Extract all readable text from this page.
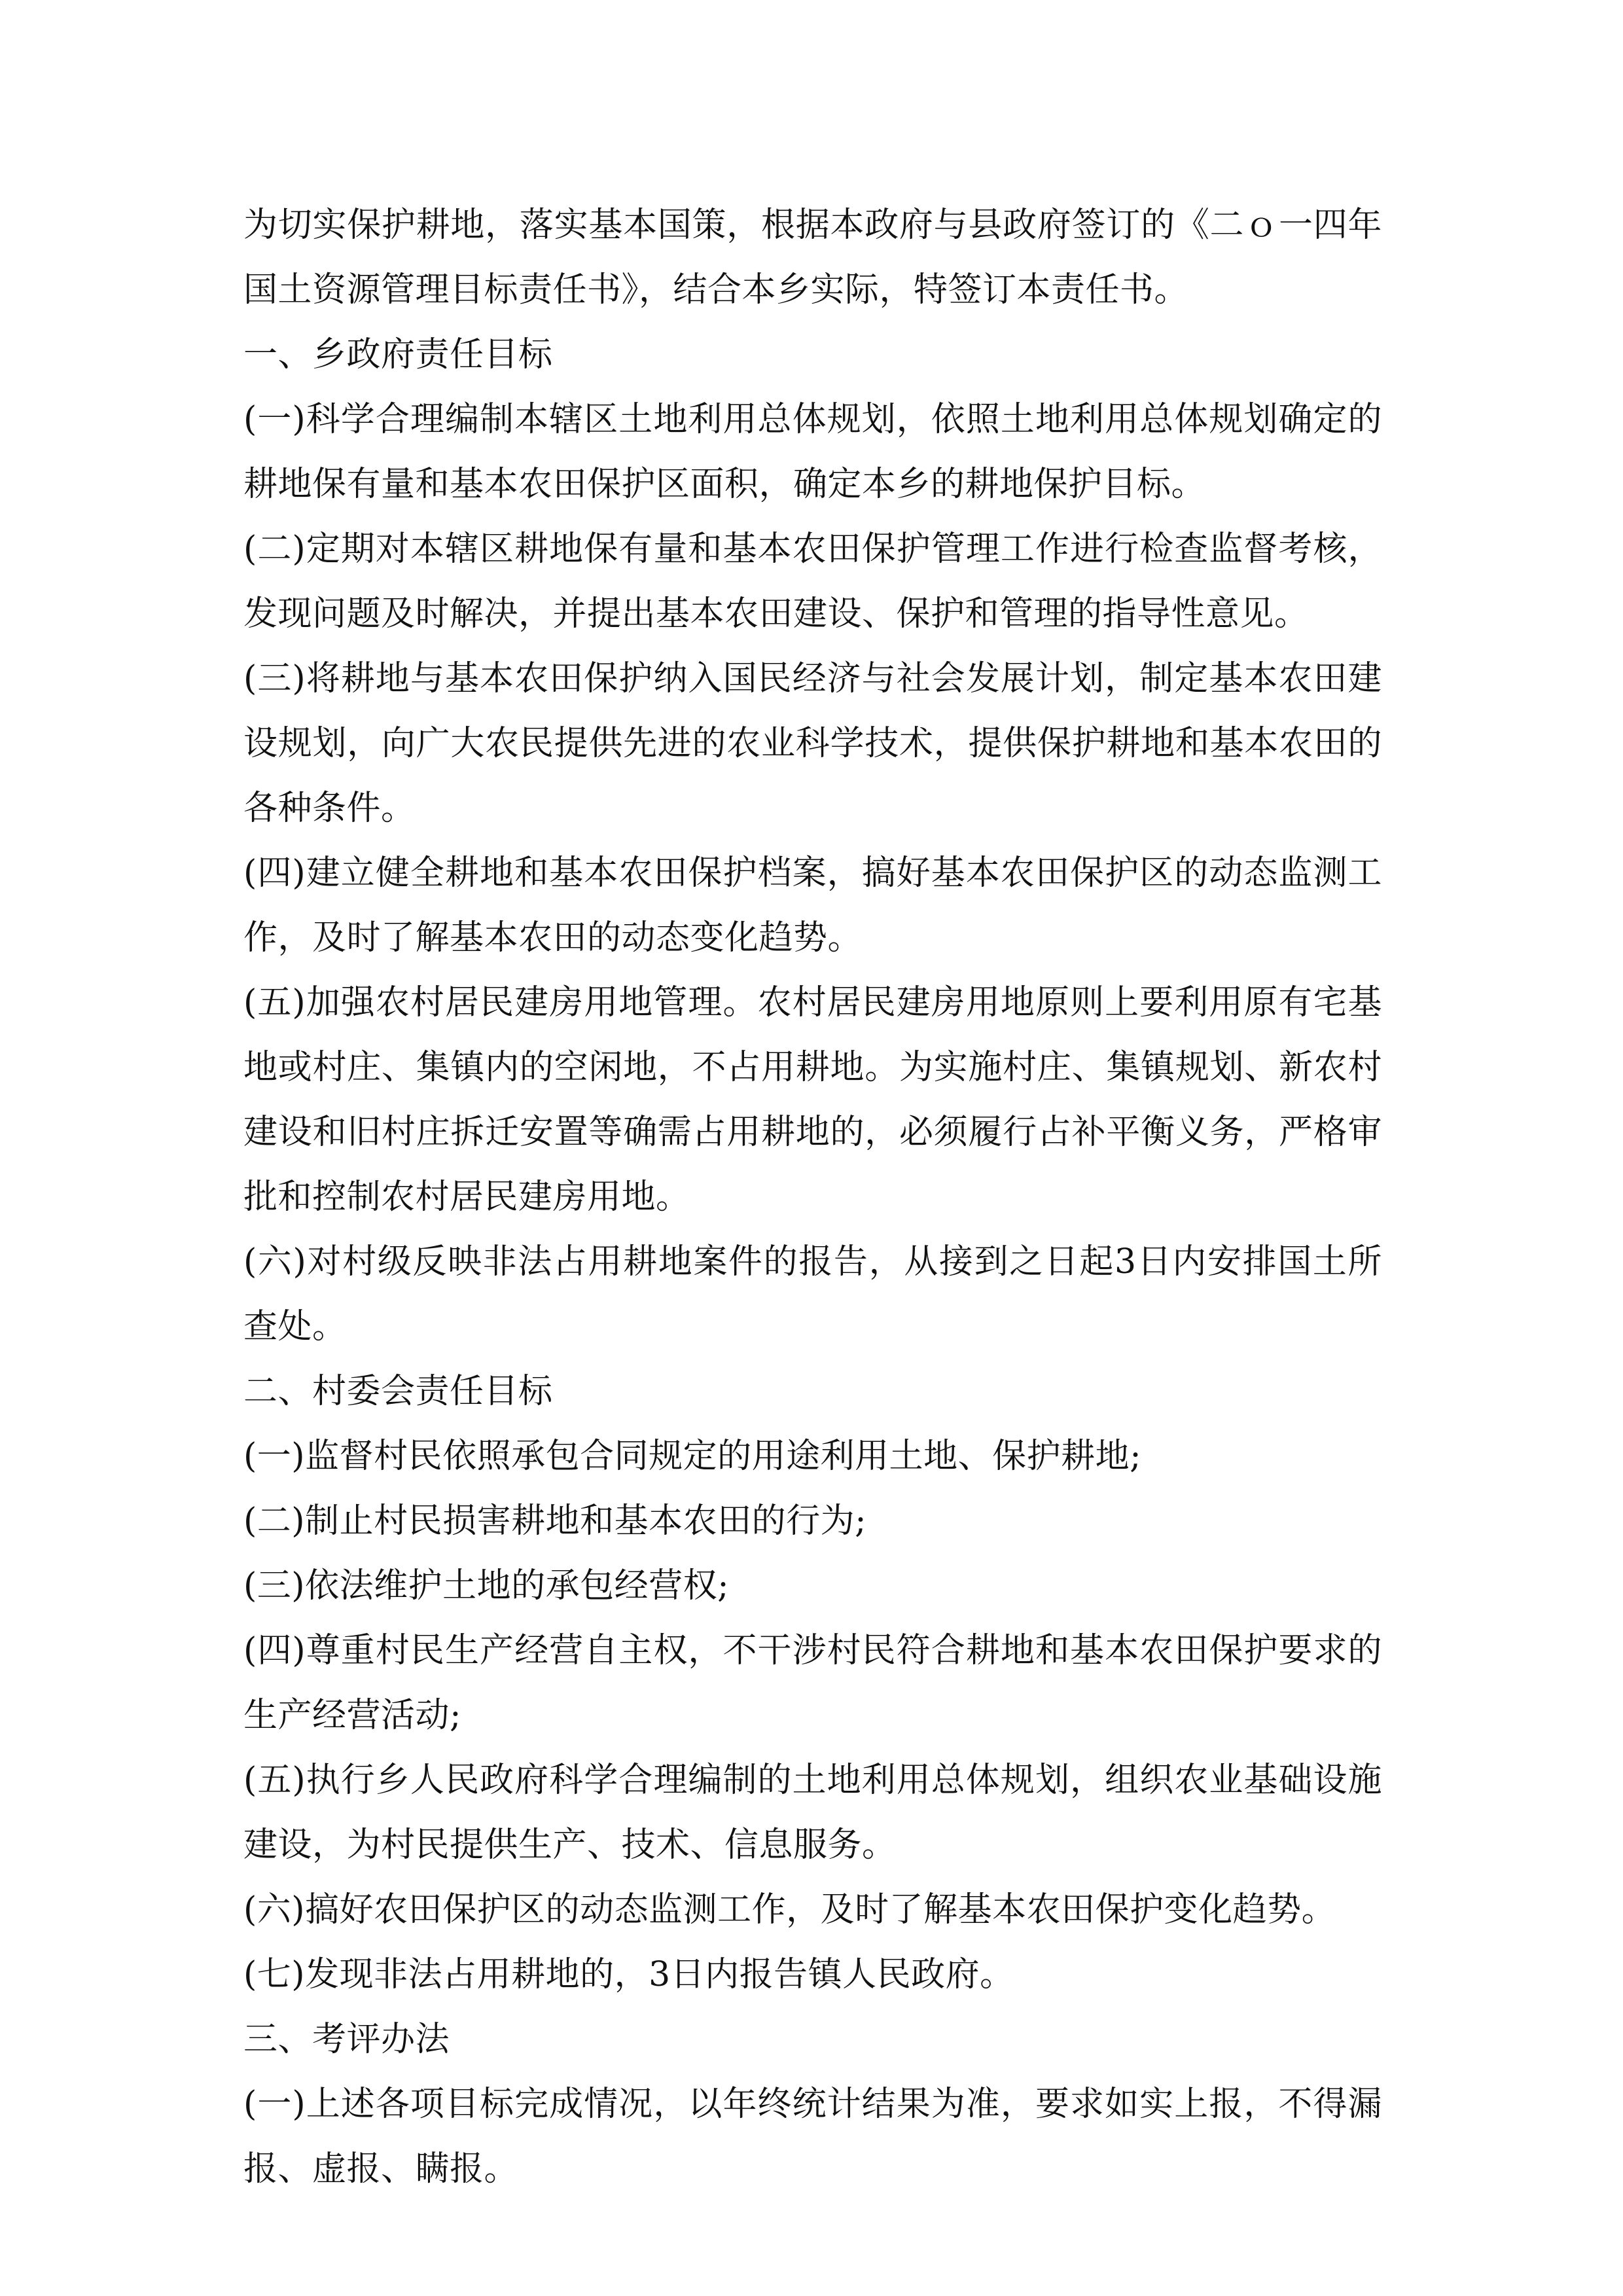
为切实保护耕地，落实基本国策，根据本政府与县政府签订的《二ｏ一四年国土资源管理目标责任书》，结合本乡实际，特签订本责任书。

一、乡政府责任目标

(一)科学合理编制本辖区土地利用总体规划，依照土地利用总体规划确定的耕地保有量和基本农田保护区面积，确定本乡的耕地保护目标。

(二)定期对本辖区耕地保有量和基本农田保护管理工作进行检查监督考核，发现问题及时解决，并提出基本农田建设、保护和管理的指导性意见。

(三)将耕地与基本农田保护纳入国民经济与社会发展计划，制定基本农田建设规划，向广大农民提供先进的农业科学技术，提供保护耕地和基本农田的各种条件。

(四)建立健全耕地和基本农田保护档案，搞好基本农田保护区的动态监测工作，及时了解基本农田的动态变化趋势。

(五)加强农村居民建房用地管理。农村居民建房用地原则上要利用原有宅基地或村庄、集镇内的空闲地，不占用耕地。为实施村庄、集镇规划、新农村建设和旧村庄拆迁安置等确需占用耕地的，必须履行占补平衡义务，严格审批和控制农村居民建房用地。

(六)对村级反映非法占用耕地案件的报告，从接到之日起3日内安排国土所查处。

二、村委会责任目标

(一)监督村民依照承包合同规定的用途利用土地、保护耕地;

(二)制止村民损害耕地和基本农田的行为;

(三)依法维护土地的承包经营权;

(四)尊重村民生产经营自主权，不干涉村民符合耕地和基本农田保护要求的生产经营活动;

(五)执行乡人民政府科学合理编制的土地利用总体规划，组织农业基础设施建设，为村民提供生产、技术、信息服务。

(六)搞好农田保护区的动态监测工作，及时了解基本农田保护变化趋势。

(七)发现非法占用耕地的，3日内报告镇人民政府。

三、考评办法

(一)上述各项目标完成情况，以年终统计结果为准，要求如实上报，不得漏报、虚报、瞒报。
